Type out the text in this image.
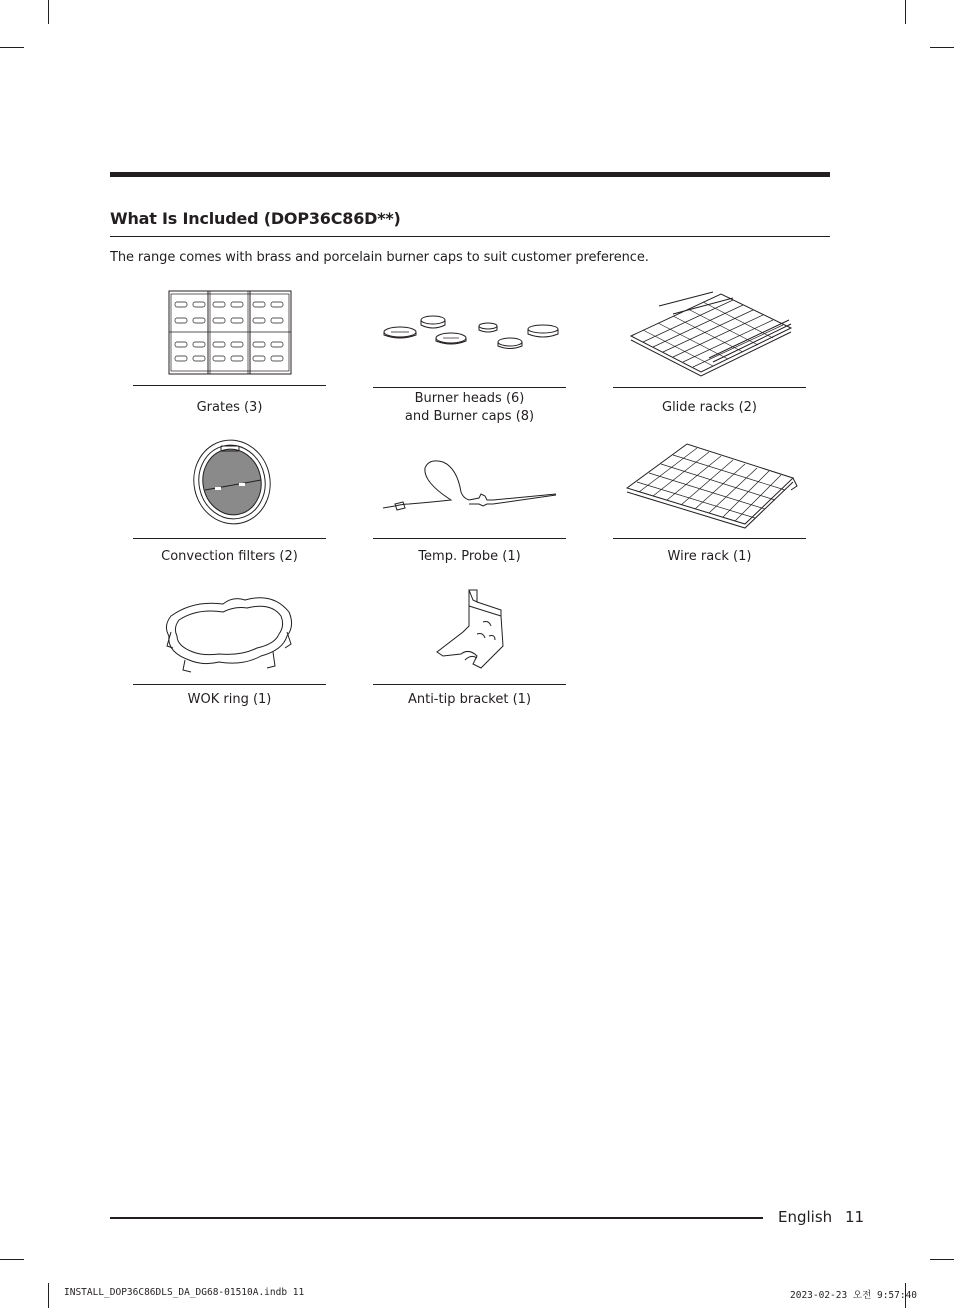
What Is Included (DOP36C86D**)
The range comes with brass and porcelain burner caps to suit customer preference.
Grates (3)
Burner heads (6)
and Burner caps (8)
Glide racks (2)
Convection filters (2)	Temp. Probe (1)	Wire rack (1)
WOK ring (1)	Anti-tip bracket (1)
English 11
INSTALL_DOP36C86DLS_DA_DG68-01510A.indb 11	2023-02-23 오전 9:57:40
